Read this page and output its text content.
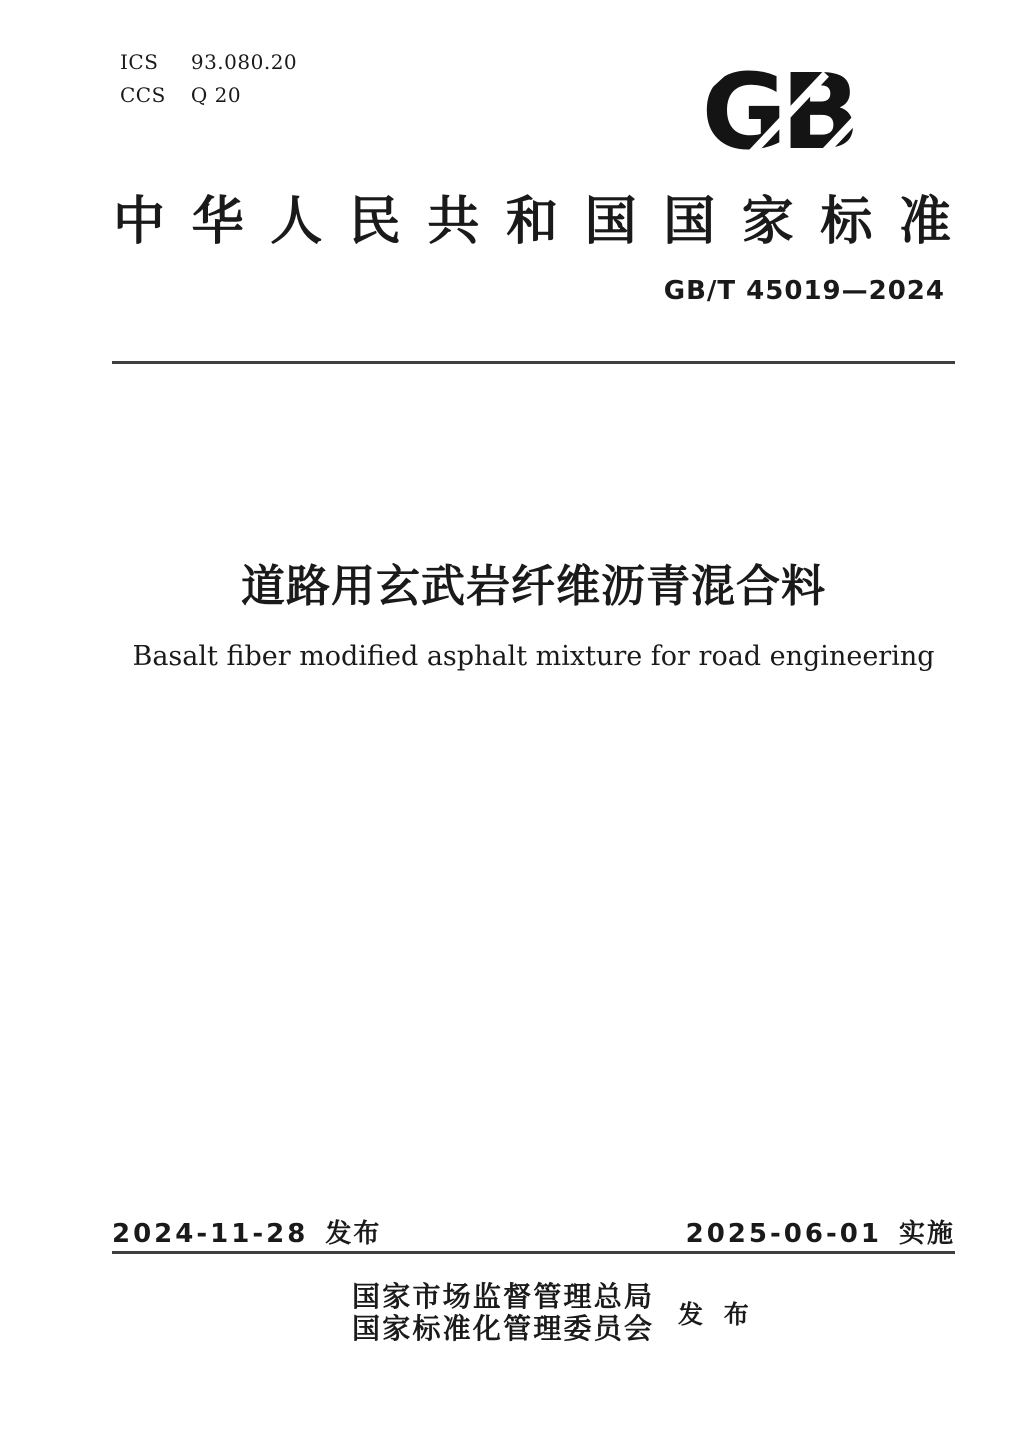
ICS 93.080.20
CCS Q 20
中华人民共和国国家标准
GB/T 45019—2024
道路用玄武岩纤维沥青混合料
Basalt fiber modified asphalt mixture for road engineering
2024-11-28 发布	2025-06-01 实施
国家市场监督管理总局
国家标准化管理委员会 发 布
